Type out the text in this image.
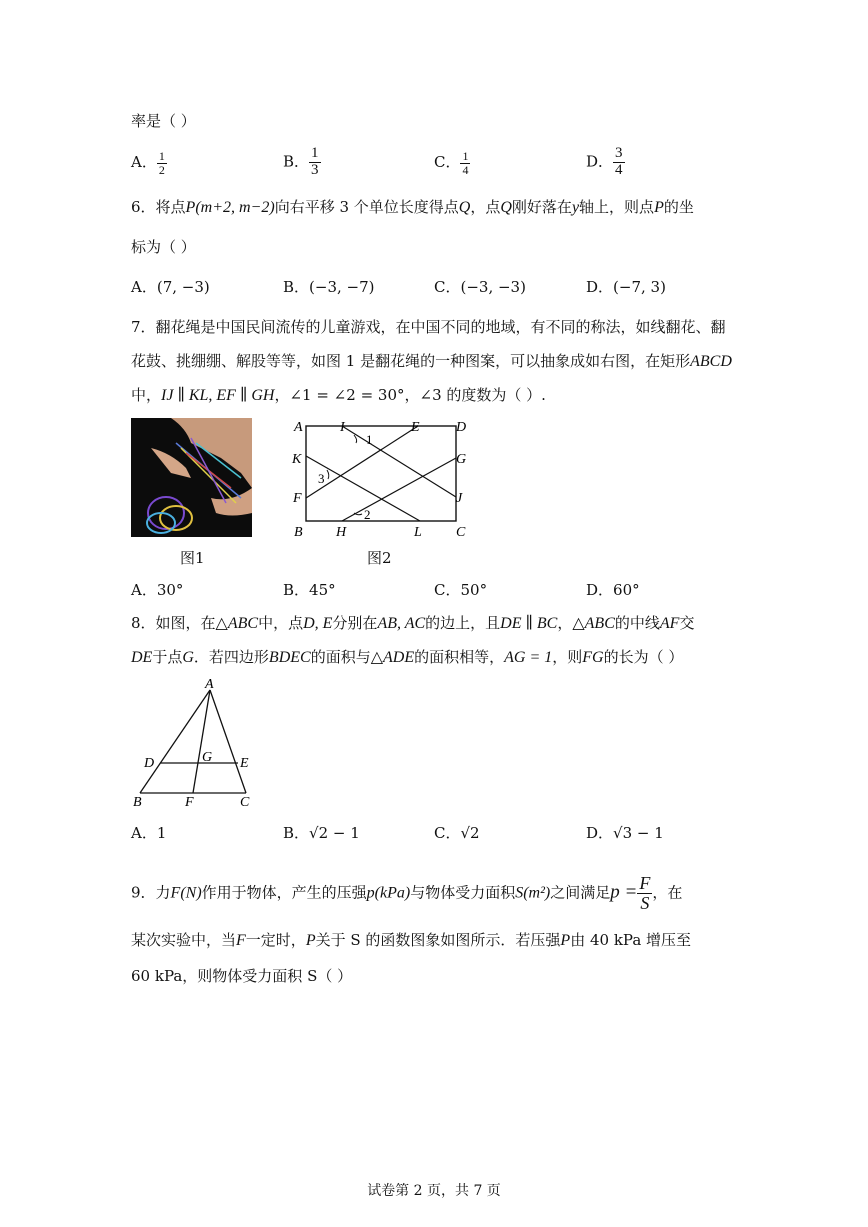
率是（ ）
A． $\frac{1}{2}$	B． $\frac{1}{3}$	C． $\frac{1}{4}$	D． $\frac{3}{4}$
6．将点P(m+2, m−2)向右平移 3 个单位长度得点Q，点Q刚好落在y轴上，则点P的坐
标为（ ）
A．(7, −3)	B．(−3, −7)	C．(−3, −3)	D．(−7, 3)
7．翻花绳是中国民间流传的儿童游戏，在中国不同的地域，有不同的称法，如线翻花、翻
花鼓、挑绷绷、解股等等，如图 1 是翻花绳的一种图案，可以抽象成如右图，在矩形ABCD
中，IJ ∥ KL, EF ∥ GH，∠1 = ∠2 = 30°，∠3 的度数为（ ）.
图1
A	I	E	D
K	G
F	J
B H	L C
1
2
3
图2
A．30°	B．45°	C．50°	D．60°
8．如图，在△ABC中，点D, E分别在AB, AC的边上，且DE ∥ BC，△ABC的中线AF交
DE于点G．若四边形BDEC的面积与△ADE的面积相等，AG = 1，则FG的长为（ ）
A
D	G E
B	F	C
A．1	B．√2 − 1	C．√2	D．√3 − 1
9．力F(N)作用于物体，产生的压强p(kPa)与物体受力面积S(m²)之间满足$p = \frac{F}{S}$ ，在
某次实验中，当F一定时，P关于 S 的函数图象如图所示．若压强P由 40 kPa 增压至
60 kPa，则物体受力面积 S（ ）
试卷第 2 页，共 7 页
